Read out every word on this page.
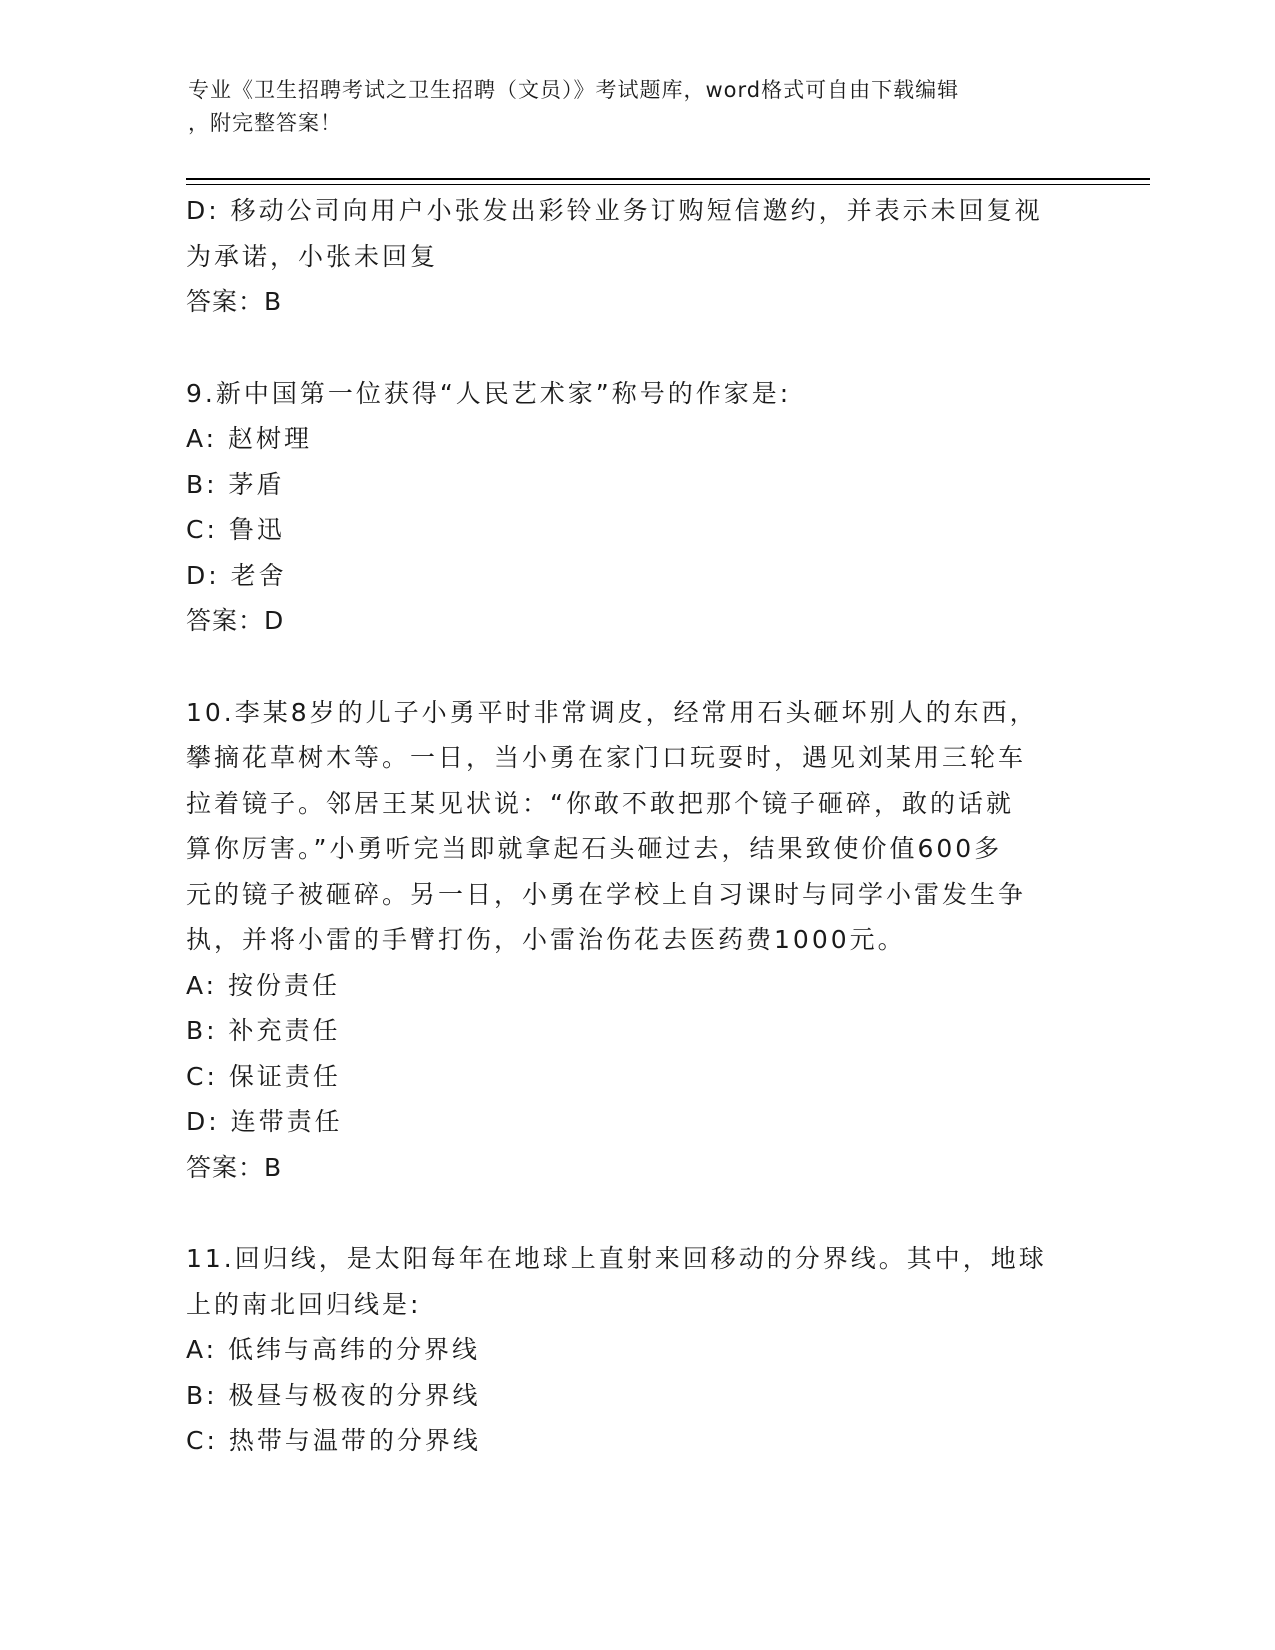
专业《卫生招聘考试之卫生招聘（文员）》考试题库，word格式可自由下载编辑
，附完整答案！
D: 移动公司向用户小张发出彩铃业务订购短信邀约，并表示未回复视
为承诺，小张未回复
答案：B
9.新中国第一位获得“人民艺术家”称号的作家是:
A: 赵树理
B: 茅盾
C: 鲁迅
D: 老舍
答案：D
10.李某8岁的儿子小勇平时非常调皮，经常用石头砸坏别人的东西，
攀摘花草树木等。一日，当小勇在家门口玩耍时，遇见刘某用三轮车
拉着镜子。邻居王某见状说：“你敢不敢把那个镜子砸碎，敢的话就
算你厉害。”小勇听完当即就拿起石头砸过去，结果致使价值600多
元的镜子被砸碎。另一日，小勇在学校上自习课时与同学小雷发生争
执，并将小雷的手臂打伤，小雷治伤花去医药费1000元。
A: 按份责任
B: 补充责任
C: 保证责任
D: 连带责任
答案：B
11.回归线，是太阳每年在地球上直射来回移动的分界线。其中，地球
上的南北回归线是:
A: 低纬与高纬的分界线
B: 极昼与极夜的分界线
C: 热带与温带的分界线
